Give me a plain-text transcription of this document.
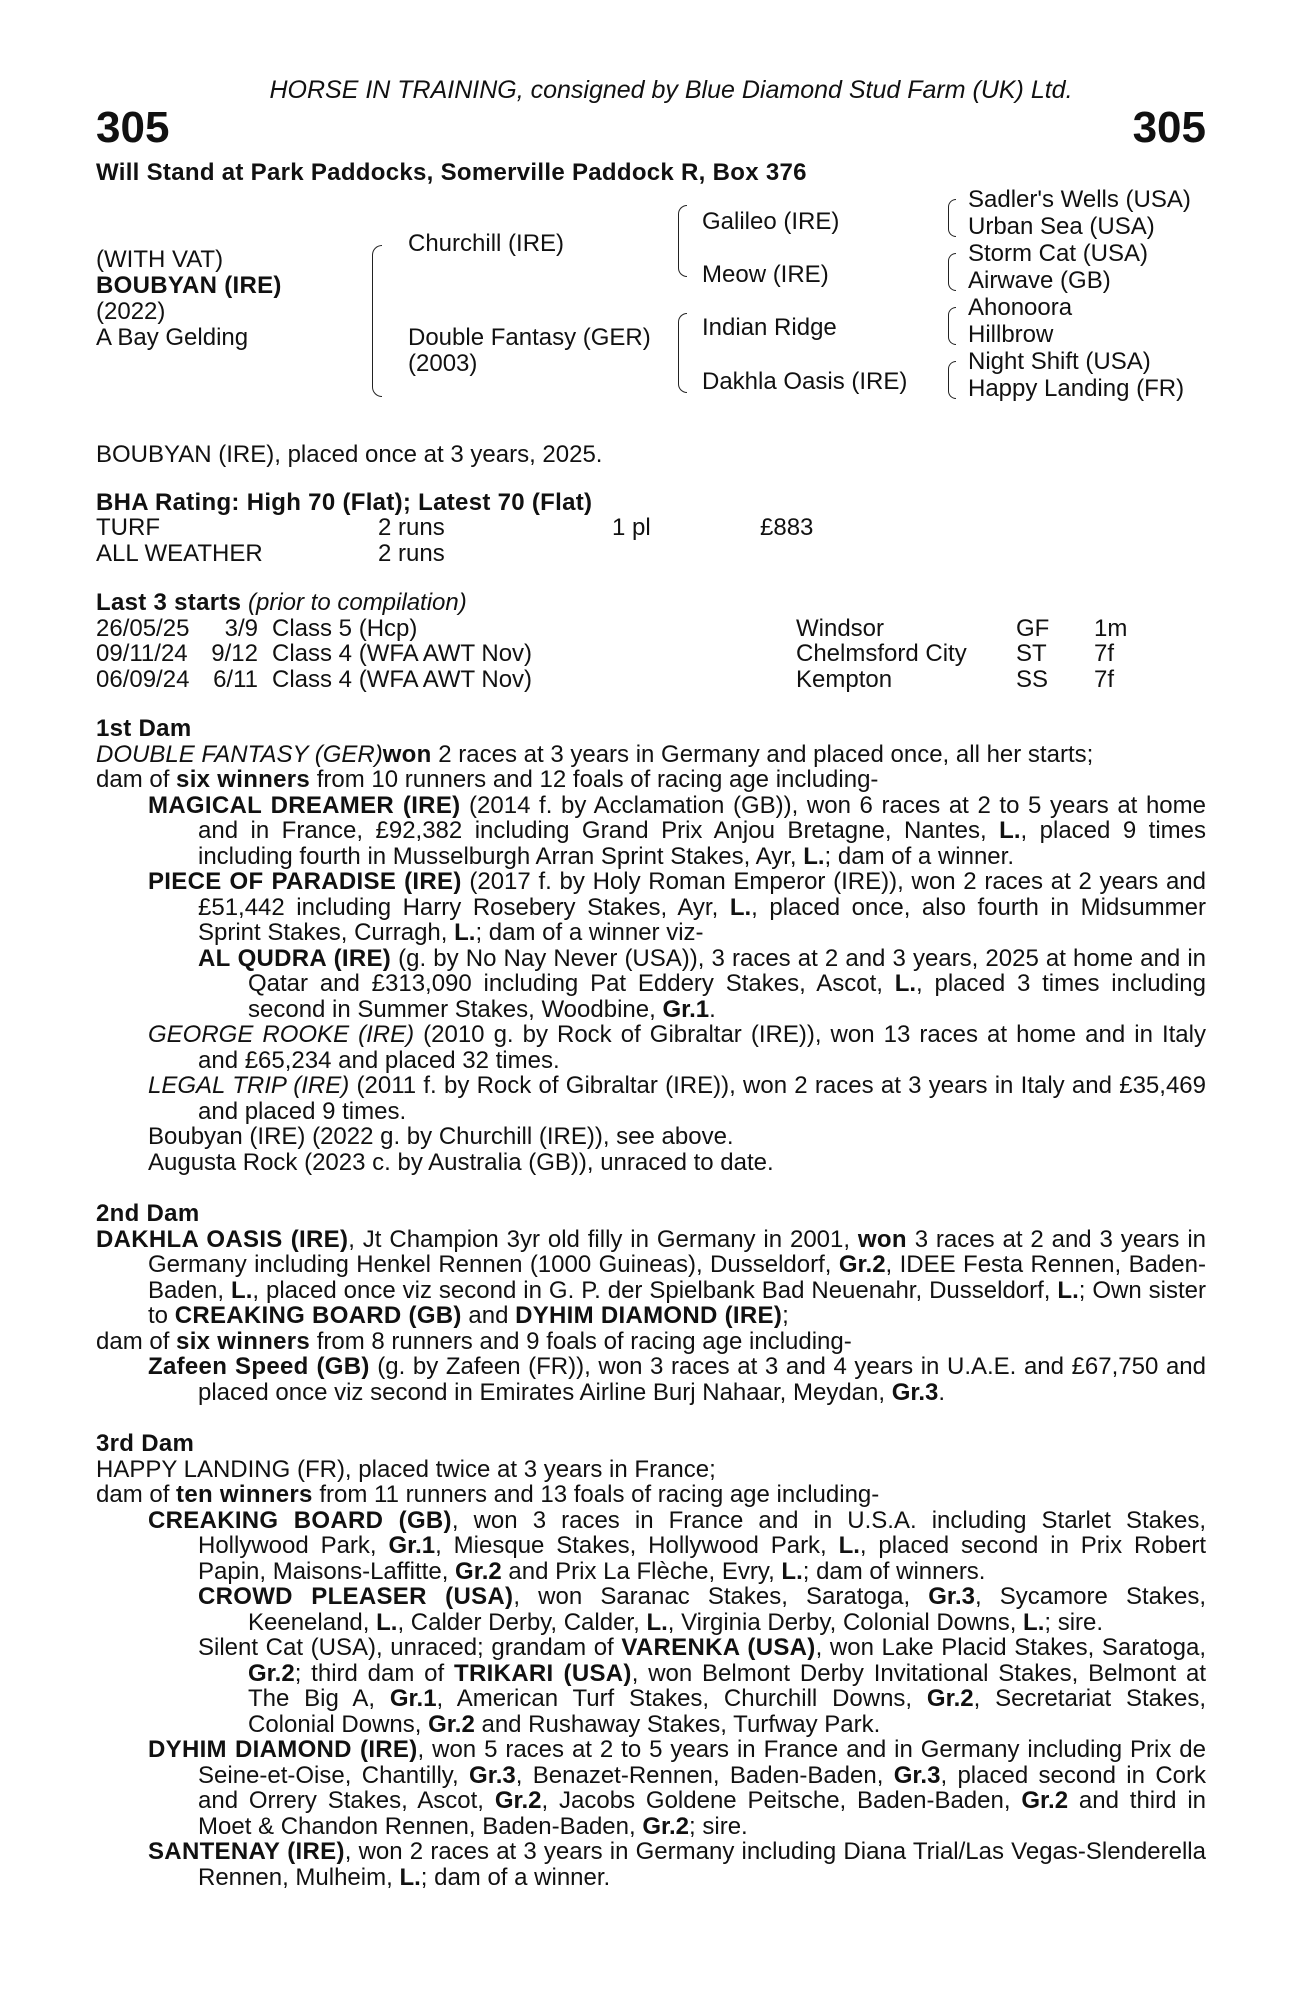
HORSE IN TRAINING, consigned by Blue Diamond Stud Farm (UK) Ltd.
305	305
Will Stand at Park Paddocks, Somerville Paddock R, Box 376
(WITH VAT)
BOUBYAN (IRE)
(2022)
A Bay Gelding
Churchill (IRE)
Double Fantasy (GER)
(2003)
Galileo (IRE)
Meow (IRE)
Indian Ridge
Dakhla Oasis (IRE)
Sadler's Wells (USA)
Urban Sea (USA)
Storm Cat (USA)
Airwave (GB)
Ahonoora
Hillbrow
Night Shift (USA)
Happy Landing (FR)
BOUBYAN (IRE), placed once at 3 years, 2025.
BHA Rating: High 70 (Flat); Latest 70 (Flat)
TURF	2 runs	1 pl	£883
ALL WEATHER	2 runs
Last 3 starts (prior to compilation)
26/05/25	3/9 Class 5 (Hcp)	Windsor	GF	1m
09/11/24 9/12 Class 4 (WFA AWT Nov)	Chelmsford City	ST	7f
06/09/24 6/11 Class 4 (WFA AWT Nov)	Kempton	SS	7f
1st Dam
DOUBLE FANTASY (GER)won 2 races at 3 years in Germany and placed once, all her starts;
dam of six winners from 10 runners and 12 foals of racing age including-
MAGICAL DREAMER (IRE) (2014 f. by Acclamation (GB)), won 6 races at 2 to 5 years at home and in France, £92,382 including Grand Prix Anjou Bretagne, Nantes, L., placed 9 times including fourth in Musselburgh Arran Sprint Stakes, Ayr, L.; dam of a winner.
PIECE OF PARADISE (IRE) (2017 f. by Holy Roman Emperor (IRE)), won 2 races at 2 years and £51,442 including Harry Rosebery Stakes, Ayr, L., placed once, also fourth in Midsummer Sprint Stakes, Curragh, L.; dam of a winner viz-
AL QUDRA (IRE) (g. by No Nay Never (USA)), 3 races at 2 and 3 years, 2025 at home and in Qatar and £313,090 including Pat Eddery Stakes, Ascot, L., placed 3 times including second in Summer Stakes, Woodbine, Gr.1.
GEORGE ROOKE (IRE) (2010 g. by Rock of Gibraltar (IRE)), won 13 races at home and in Italy and £65,234 and placed 32 times.
LEGAL TRIP (IRE) (2011 f. by Rock of Gibraltar (IRE)), won 2 races at 3 years in Italy and £35,469 and placed 9 times.
Boubyan (IRE) (2022 g. by Churchill (IRE)), see above.
Augusta Rock (2023 c. by Australia (GB)), unraced to date.
2nd Dam
DAKHLA OASIS (IRE), Jt Champion 3yr old filly in Germany in 2001, won 3 races at 2 and 3 years in Germany including Henkel Rennen (1000 Guineas), Dusseldorf, Gr.2, IDEE Festa Rennen, Baden-Baden, L., placed once viz second in G. P. der Spielbank Bad Neuenahr, Dusseldorf, L.; Own sister to CREAKING BOARD (GB) and DYHIM DIAMOND (IRE);
dam of six winners from 8 runners and 9 foals of racing age including-
Zafeen Speed (GB) (g. by Zafeen (FR)), won 3 races at 3 and 4 years in U.A.E. and £67,750 and placed once viz second in Emirates Airline Burj Nahaar, Meydan, Gr.3.
3rd Dam
HAPPY LANDING (FR), placed twice at 3 years in France;
dam of ten winners from 11 runners and 13 foals of racing age including-
CREAKING BOARD (GB), won 3 races in France and in U.S.A. including Starlet Stakes, Hollywood Park, Gr.1, Miesque Stakes, Hollywood Park, L., placed second in Prix Robert Papin, Maisons-Laffitte, Gr.2 and Prix La Flèche, Evry, L.; dam of winners.
CROWD PLEASER (USA), won Saranac Stakes, Saratoga, Gr.3, Sycamore Stakes, Keeneland, L., Calder Derby, Calder, L., Virginia Derby, Colonial Downs, L.; sire.
Silent Cat (USA), unraced; grandam of VARENKA (USA), won Lake Placid Stakes, Saratoga, Gr.2; third dam of TRIKARI (USA), won Belmont Derby Invitational Stakes, Belmont at The Big A, Gr.1, American Turf Stakes, Churchill Downs, Gr.2, Secretariat Stakes, Colonial Downs, Gr.2 and Rushaway Stakes, Turfway Park.
DYHIM DIAMOND (IRE), won 5 races at 2 to 5 years in France and in Germany including Prix de Seine-et-Oise, Chantilly, Gr.3, Benazet-Rennen, Baden-Baden, Gr.3, placed second in Cork and Orrery Stakes, Ascot, Gr.2, Jacobs Goldene Peitsche, Baden-Baden, Gr.2 and third in Moet & Chandon Rennen, Baden-Baden, Gr.2; sire.
SANTENAY (IRE), won 2 races at 3 years in Germany including Diana Trial/Las Vegas-Slenderella Rennen, Mulheim, L.; dam of a winner.
